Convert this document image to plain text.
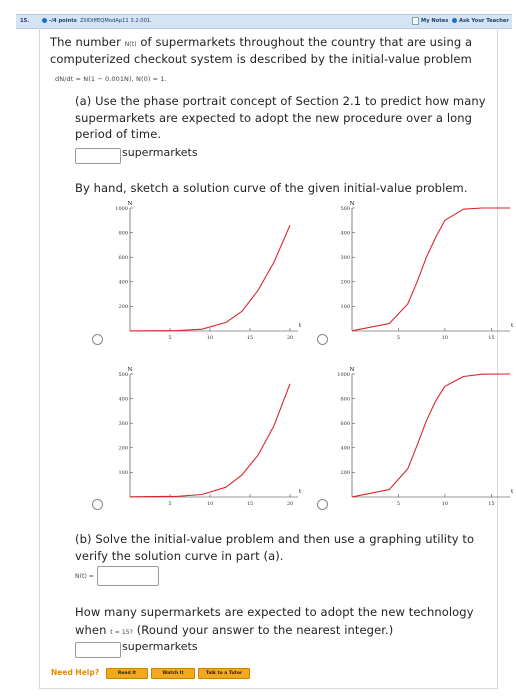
15.	-/4 points ZillDiffEQModAp11 3.2.001.	My Notes Ask Your Teacher
The number N(t) of supermarkets throughout the country that are using a
computerized checkout system is described by the initial-value problem
dN/dt = N(1 − 0.001N), N(0) = 1.
(a) Use the phase portrait concept of Section 2.1 to predict how many
supermarkets are expected to adopt the new procedure over a long
period of time.
supermarkets
By hand, sketch a solution curve of the given initial-value problem.
N
t
5	10	15	20
200
400
600
800
1000
N
t
5	10	15
100
200
300
400
500
N
t
5	10	15	20
100
200
300
400
500
N
t
5	10	15
200
400
600
800
1000
(b) Solve the initial-value problem and then use a graphing utility to
verify the solution curve in part (a).
N(t) =
How many supermarkets are expected to adopt the new technology
when t = 15? (Round your answer to the nearest integer.)
supermarkets
Need Help?	Read It	Watch It	Talk to a Tutor
